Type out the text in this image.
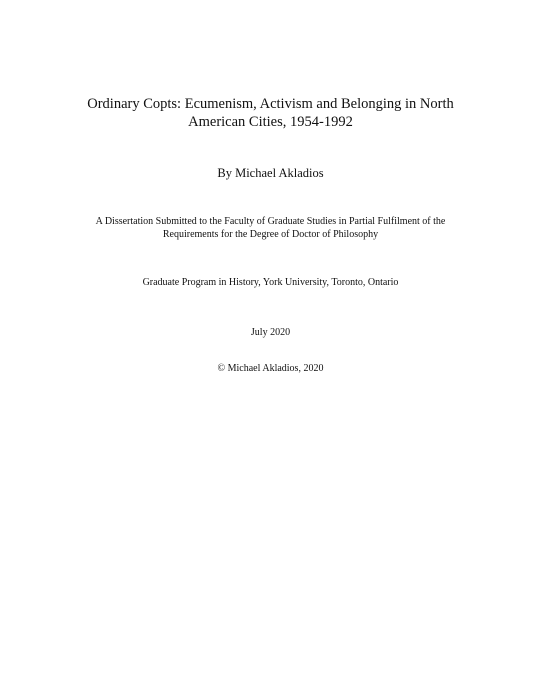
Ordinary Copts: Ecumenism, Activism and Belonging in North
American Cities, 1954-1992
By Michael Akladios
A Dissertation Submitted to the Faculty of Graduate Studies in Partial Fulfilment of the
Requirements for the Degree of Doctor of Philosophy
Graduate Program in History, York University, Toronto, Ontario
July 2020
© Michael Akladios, 2020
